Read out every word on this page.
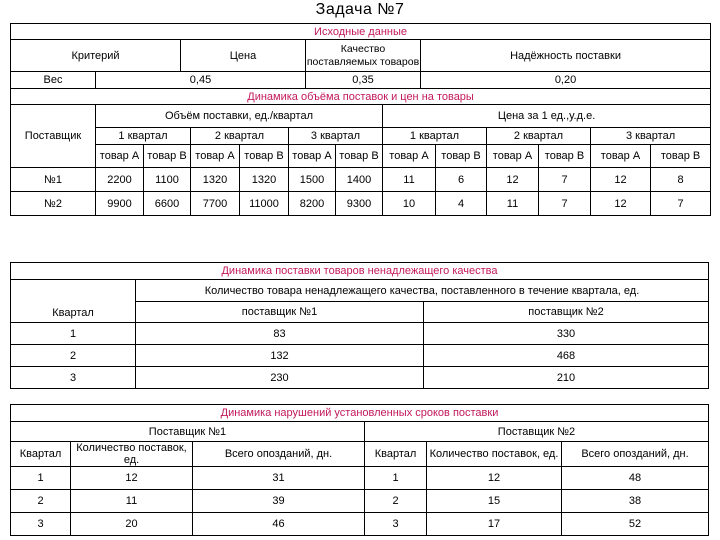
Задача №7
Исходные данные				
Критерий		Цена	Качество поставляемых товаров	Надёжность поставки
Вес	0,45		0,35	0,20
Динамика объёма поставок и цен на товары												
Поставщик	Объём поставки, ед./квартал						Цена за 1 ед.,у.д.е.					
	1 квартал		2 квартал		3 квартал		1 квартал		2 квартал		3 квартал	
	товар А	товар В	товар А	товар В	товар А	товар В	товар А	товар В	товар А	товар В	товар А	товар В
№1	2200	1100	1320	1320	1500	1400	11	6	12	7	12	8
№2	9900	6600	7700	11000	8200	9300	10	4	11	7	12	7
Динамика поставки товаров ненадлежащего качества		
Квартал	Количество товара ненадлежащего качества, поставленного в течение квартала, ед.	
	поставщик №1	поставщик №2
1	83	330
2	132	468
3	230	210
Динамика нарушений установленных сроков поставки					
Поставщик №1			Поставщик №2		
Квартал	Количество поставок, ед.	Всего опозданий, дн.	Квартал	Количество поставок, ед.	Всего опозданий, дн.
1	12	31	1	12	48
2	11	39	2	15	38
3	20	46	3	17	52
